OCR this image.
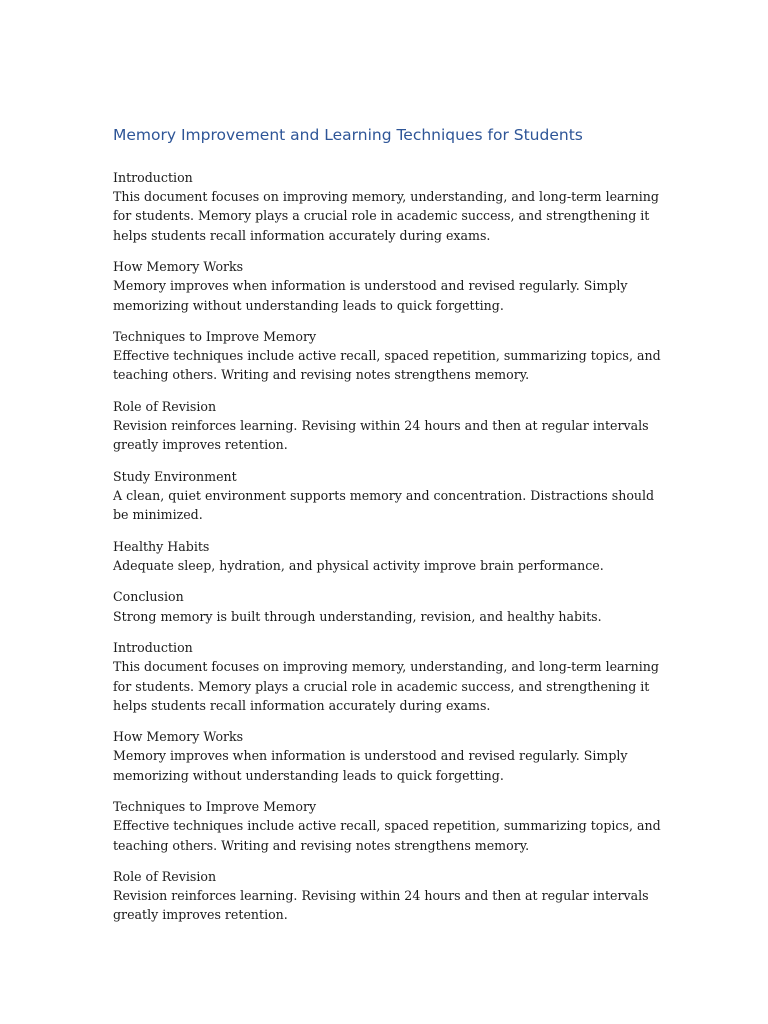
Memory Improvement and Learning Techniques for Students

Introduction

This document focuses on improving memory, understanding, and long-term learning for students. Memory plays a crucial role in academic success, and strengthening it helps students recall information accurately during exams.

How Memory Works

Memory improves when information is understood and revised regularly. Simply memorizing without understanding leads to quick forgetting.

Techniques to Improve Memory

Effective techniques include active recall, spaced repetition, summarizing topics, and teaching others. Writing and revising notes strengthens memory.

Role of Revision

Revision reinforces learning. Revising within 24 hours and then at regular intervals greatly improves retention.

Study Environment

A clean, quiet environment supports memory and concentration. Distractions should be minimized.

Healthy Habits

Adequate sleep, hydration, and physical activity improve brain performance.

Conclusion

Strong memory is built through understanding, revision, and healthy habits.

Introduction

This document focuses on improving memory, understanding, and long-term learning for students. Memory plays a crucial role in academic success, and strengthening it helps students recall information accurately during exams.

How Memory Works

Memory improves when information is understood and revised regularly. Simply memorizing without understanding leads to quick forgetting.

Techniques to Improve Memory

Effective techniques include active recall, spaced repetition, summarizing topics, and teaching others. Writing and revising notes strengthens memory.

Role of Revision

Revision reinforces learning. Revising within 24 hours and then at regular intervals greatly improves retention.
